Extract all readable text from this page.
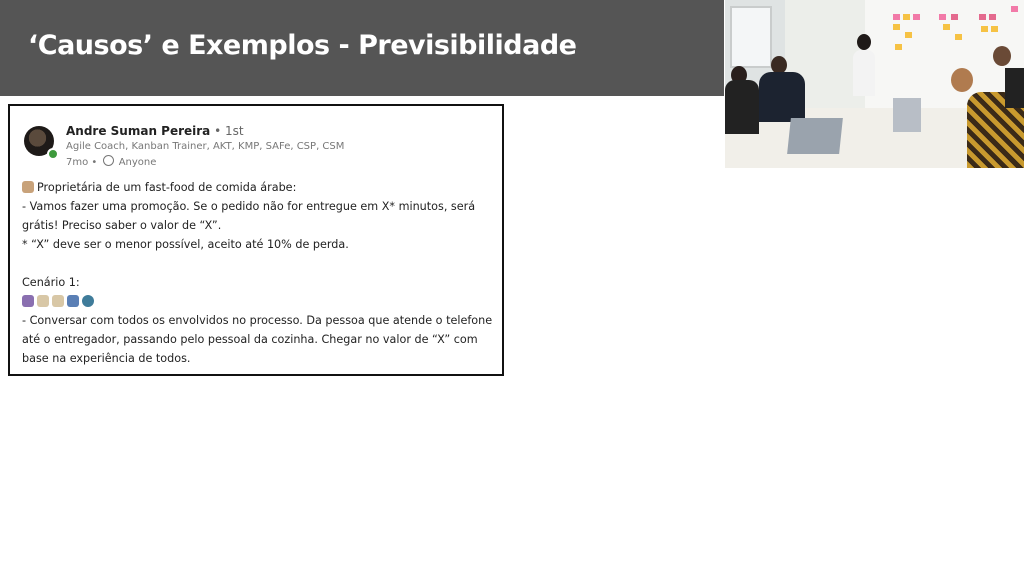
‘Causos’ e Exemplos - Previsibilidade
Andre Suman Pereira • 1st
Agile Coach, Kanban Trainer, AKT, KMP, SAFe, CSP, CSM
7mo • Anyone

Proprietária de um fast-food de comida árabe:

- Vamos fazer uma promoção. Se o pedido não for entregue em X* minutos, será grátis! Preciso saber o valor de “X”.

* “X” deve ser o menor possível, aceito até 10% de perda.

Cenário 1:

- Conversar com todos os envolvidos no processo. Da pessoa que atende o telefone até o entregador, passando pelo pessoal da cozinha. Chegar no valor de “X” com base na experiência de todos.
